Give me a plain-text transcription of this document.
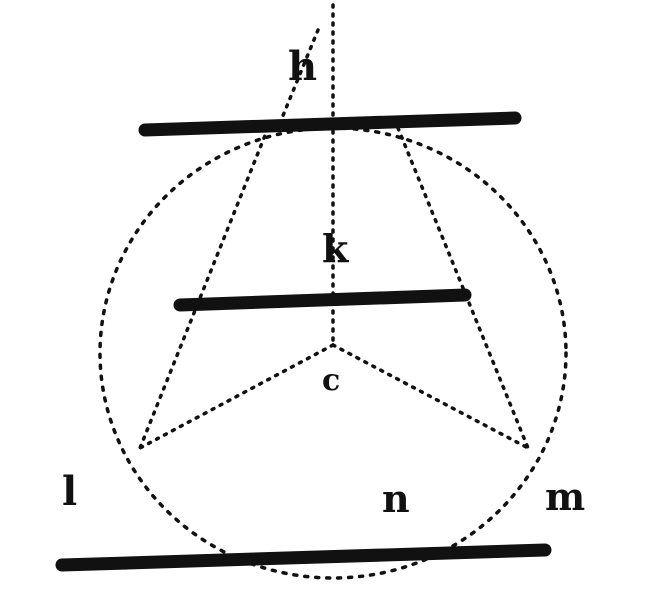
h
k
c
l	n	m
